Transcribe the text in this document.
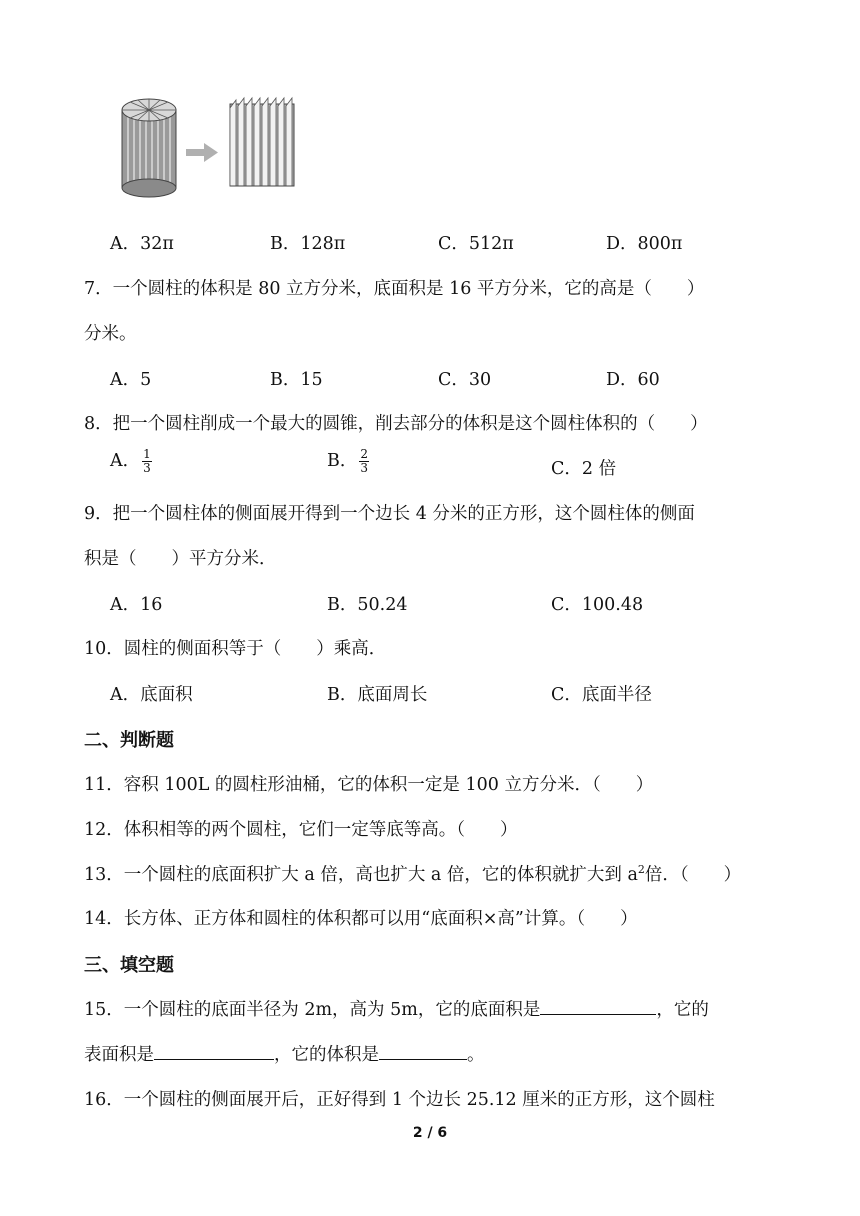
A．32π	B．128π	C．512π	D．800π
7．一个圆柱的体积是 80 立方分米，底面积是 16 平方分米，它的高是（　　）
分米。
A．5	B．15	C．30	D．60
8．把一个圆柱削成一个最大的圆锥，削去部分的体积是这个圆柱体积的（　　）
A． $\frac{1}{3}$	B． $\frac{2}{3}$	C．2 倍
9．把一个圆柱体的侧面展开得到一个边长 4 分米的正方形，这个圆柱体的侧面
积是（　　）平方分米．
A．16	B．50.24	C．100.48
10．圆柱的侧面积等于（　　）乘高．
A．底面积	B．底面周长	C．底面半径
二、判断题
11．容积 100L 的圆柱形油桶，它的体积一定是 100 立方分米．（　　）
12．体积相等的两个圆柱，它们一定等底等高。（　　）
13．一个圆柱的底面积扩大 a 倍，高也扩大 a 倍，它的体积就扩大到 $a^2$倍．（　　）
14．长方体、正方体和圆柱的体积都可以用“底面积×高”计算。（　　）
三、填空题
15．一个圆柱的底面半径为 2m，高为 5m，它的底面积是	，它的
表面积是	，它的体积是	。
16．一个圆柱的侧面展开后，正好得到 1 个边长 25.12 厘米的正方形，这个圆柱
2 / 6
